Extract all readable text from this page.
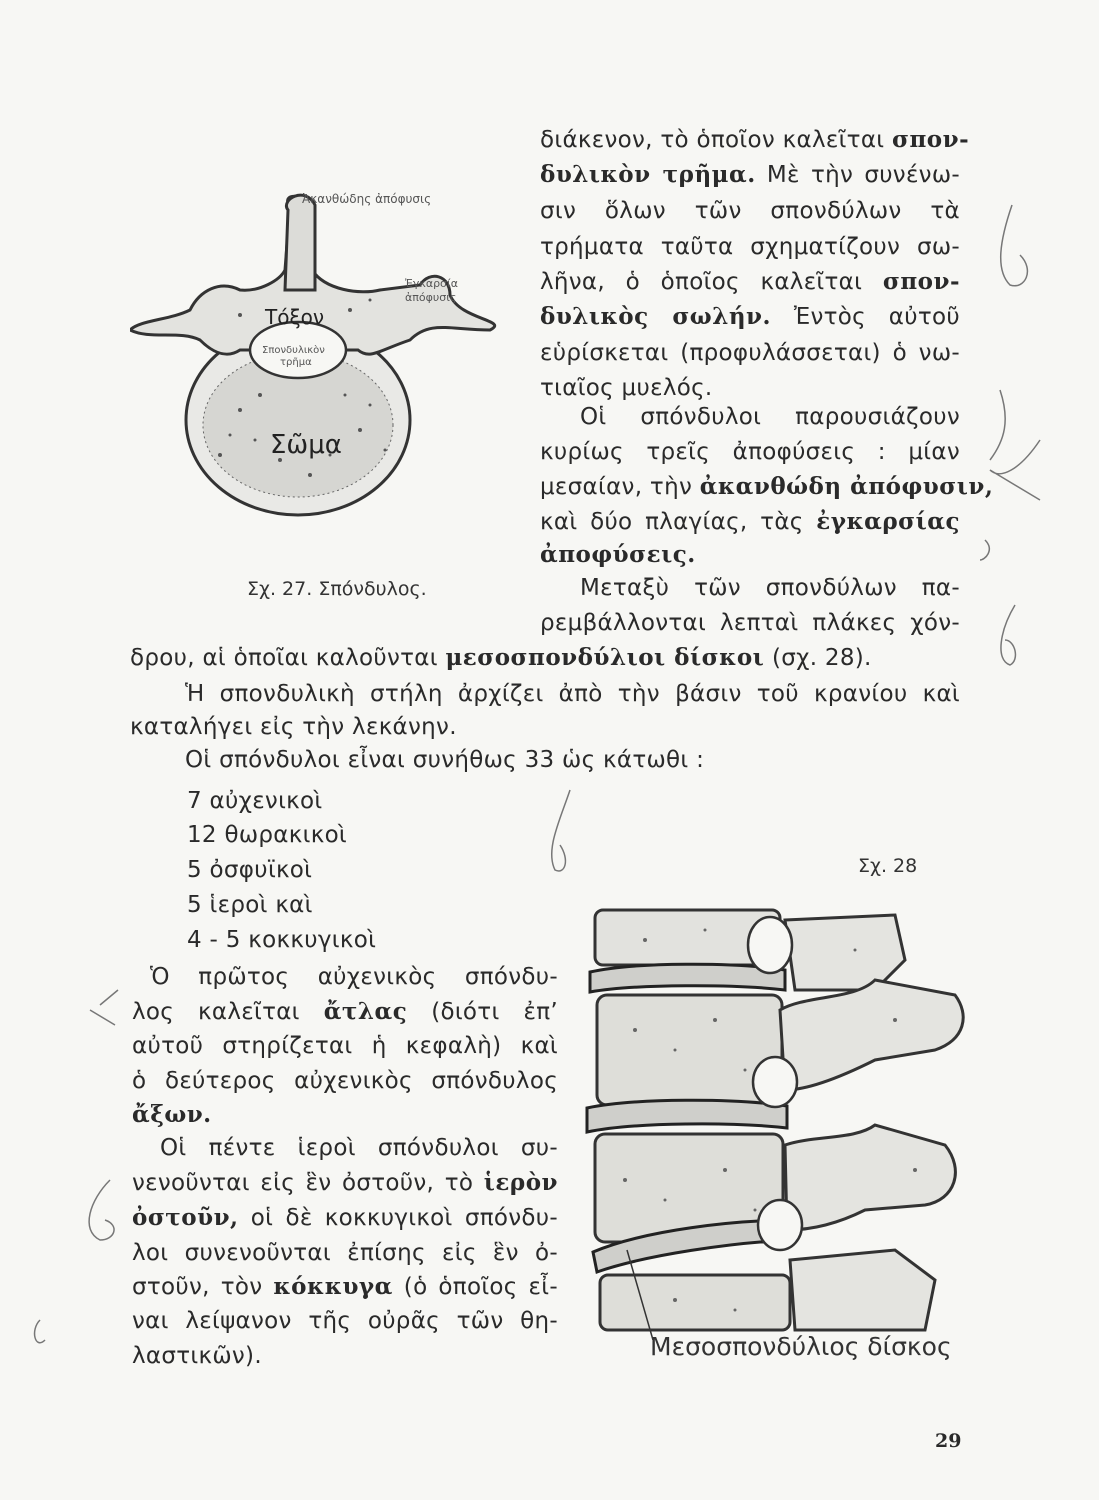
Ἀκανθώδης ἀπόφυσις
Ἐγκαρσία
ἀπόφυσις
Τόξον
Σπονδυλικὸν
τρῆμα
Σῶμα
Σχ. 27. Σπόνδυλος.
διάκενον, τὸ ὁποῖον καλεῖται σπον-
δυλικὸν τρῆμα. Μὲ τὴν συνένω-
σιν ὅλων τῶν σπονδύλων τὰ
τρήματα ταῦτα σχηματίζουν σω-
λῆνα, ὁ ὁποῖος καλεῖται σπον-
δυλικὸς σωλήν. Ἐντὸς αὐτοῦ
εὑρίσκεται (προφυλάσσεται) ὁ νω-
τιαῖος μυελός.
Οἱ σπόνδυλοι παρουσιάζουν
κυρίως τρεῖς ἀποφύσεις : μίαν
μεσαίαν, τὴν ἀκανθώδη ἀπόφυσιν,
καὶ δύο πλαγίας, τὰς ἐγκαρσίας
ἀποφύσεις.
Μεταξὺ τῶν σπονδύλων πα-
ρεμβάλλονται λεπταὶ πλάκες χόν-
δρου, αἱ ὁποῖαι καλοῦνται μεσοσπονδύλιοι δίσκοι (σχ. 28).
Ἡ σπονδυλικὴ στήλη ἀρχίζει ἀπὸ τὴν βάσιν τοῦ κρανίου καὶ
καταλήγει εἰς τὴν λεκάνην.
Οἱ σπόνδυλοι εἶναι συνήθως 33 ὡς κάτωθι :
7 αὐχενικοὶ
12 θωρακικοὶ
5 ὀσφυϊκοὶ
5 ἱεροὶ καὶ
4 - 5 κοκκυγικοὶ
Ὁ πρῶτος αὐχενικὸς σπόνδυ-
λος καλεῖται ἄτλας (διότι ἐπ’
αὐτοῦ στηρίζεται ἡ κεφαλὴ) καὶ
ὁ δεύτερος αὐχενικὸς σπόνδυλος
ἄξων.
Οἱ πέντε ἱεροὶ σπόνδυλοι συ-
νενοῦνται εἰς ἓν ὀστοῦν, τὸ ἱερὸν
ὀστοῦν, οἱ δὲ κοκκυγικοὶ σπόνδυ-
λοι συνενοῦνται ἐπίσης εἰς ἓν ὀ-
στοῦν, τὸν κόκκυγα (ὁ ὁποῖος εἶ-
ναι λείψανον τῆς οὐρᾶς τῶν θη-
λαστικῶν).
Σχ. 28
Μεσοσπονδύλιος δίσκος
29
